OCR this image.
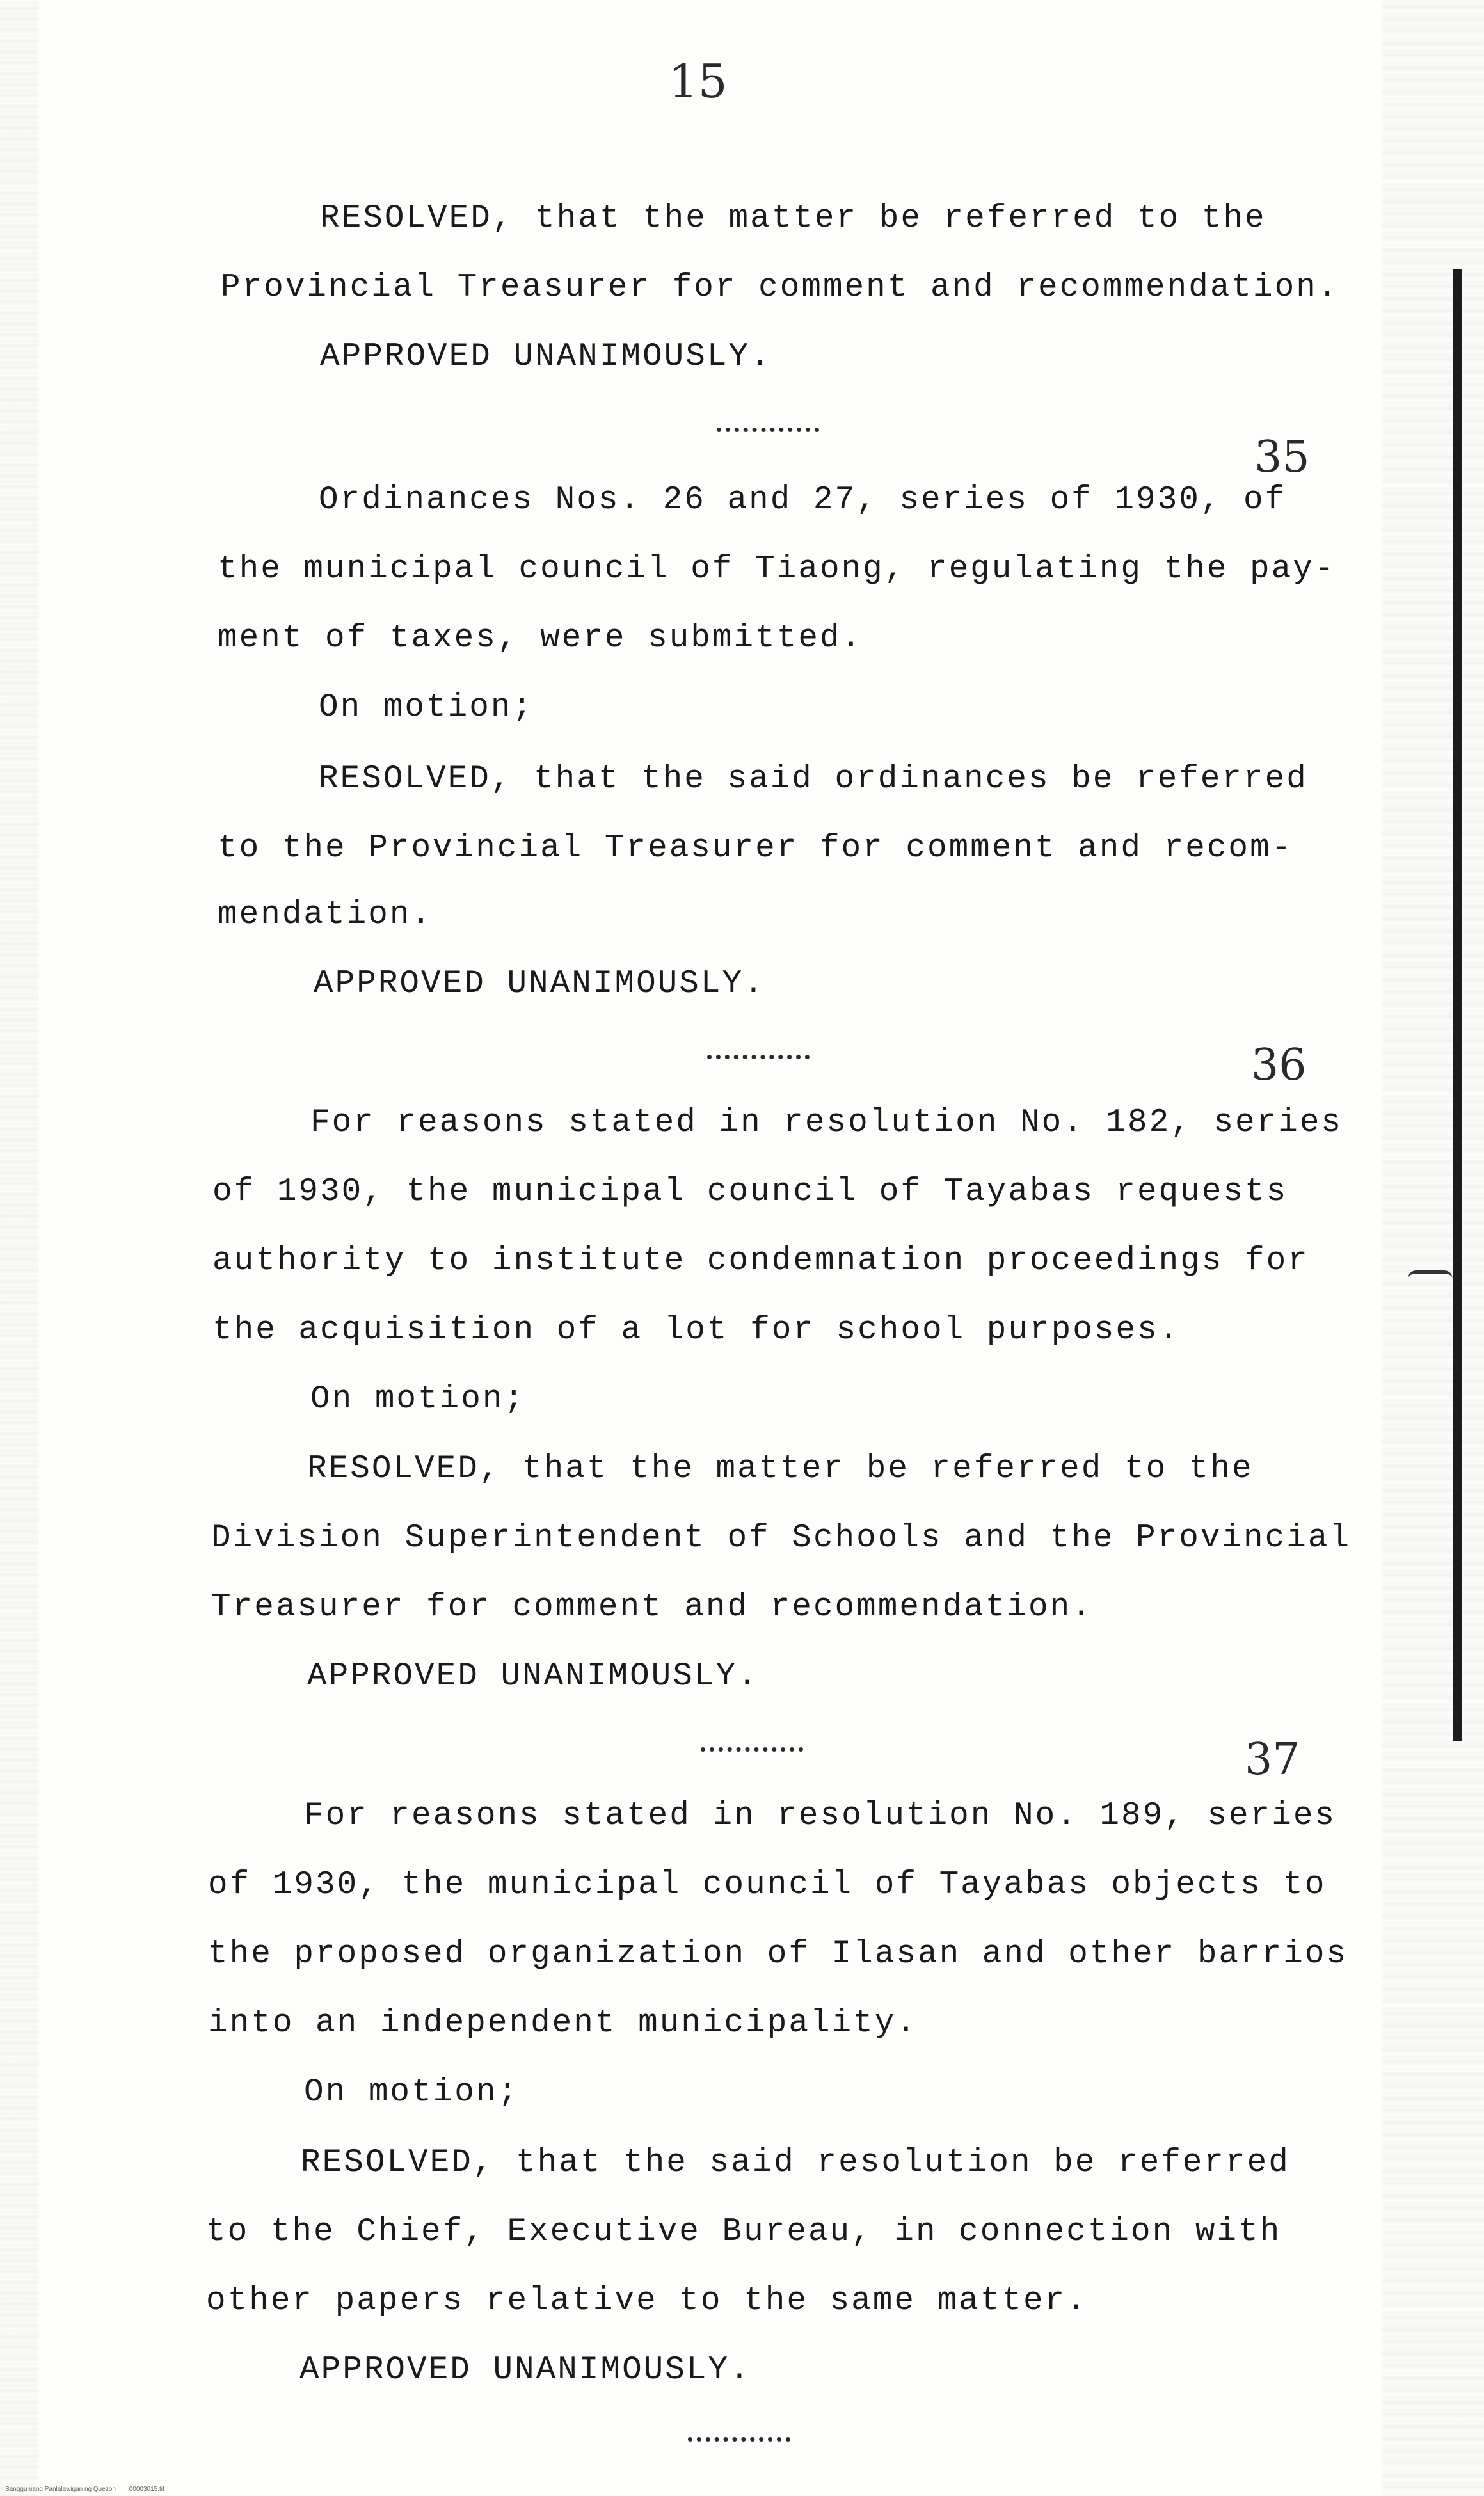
15
RESOLVED, that the matter be referred to the
Provincial Treasurer for comment and recommendation.
APPROVED UNANIMOUSLY.
35
Ordinances Nos. 26 and 27, series of 1930, of
the municipal council of Tiaong, regulating the pay-
ment of taxes, were submitted.
On motion;
RESOLVED, that the said ordinances be referred
to the Provincial Treasurer for comment and recom-
mendation.
APPROVED UNANIMOUSLY.
36
For reasons stated in resolution No. 182, series
of 1930, the municipal council of Tayabas requests
authority to institute condemnation proceedings for
the acquisition of a lot for school purposes.
On motion;
RESOLVED, that the matter be referred to the
Division Superintendent of Schools and the Provincial
Treasurer for comment and recommendation.
APPROVED UNANIMOUSLY.
37
For reasons stated in resolution No. 189, series
of 1930, the municipal council of Tayabas objects to
the proposed organization of Ilasan and other barrios
into an independent municipality.
On motion;
RESOLVED, that the said resolution be referred
to the Chief, Executive Bureau, in connection with
other papers relative to the same matter.
APPROVED UNANIMOUSLY.
Sangguniang Panlalawigan ng Quezon 00003015.tif
